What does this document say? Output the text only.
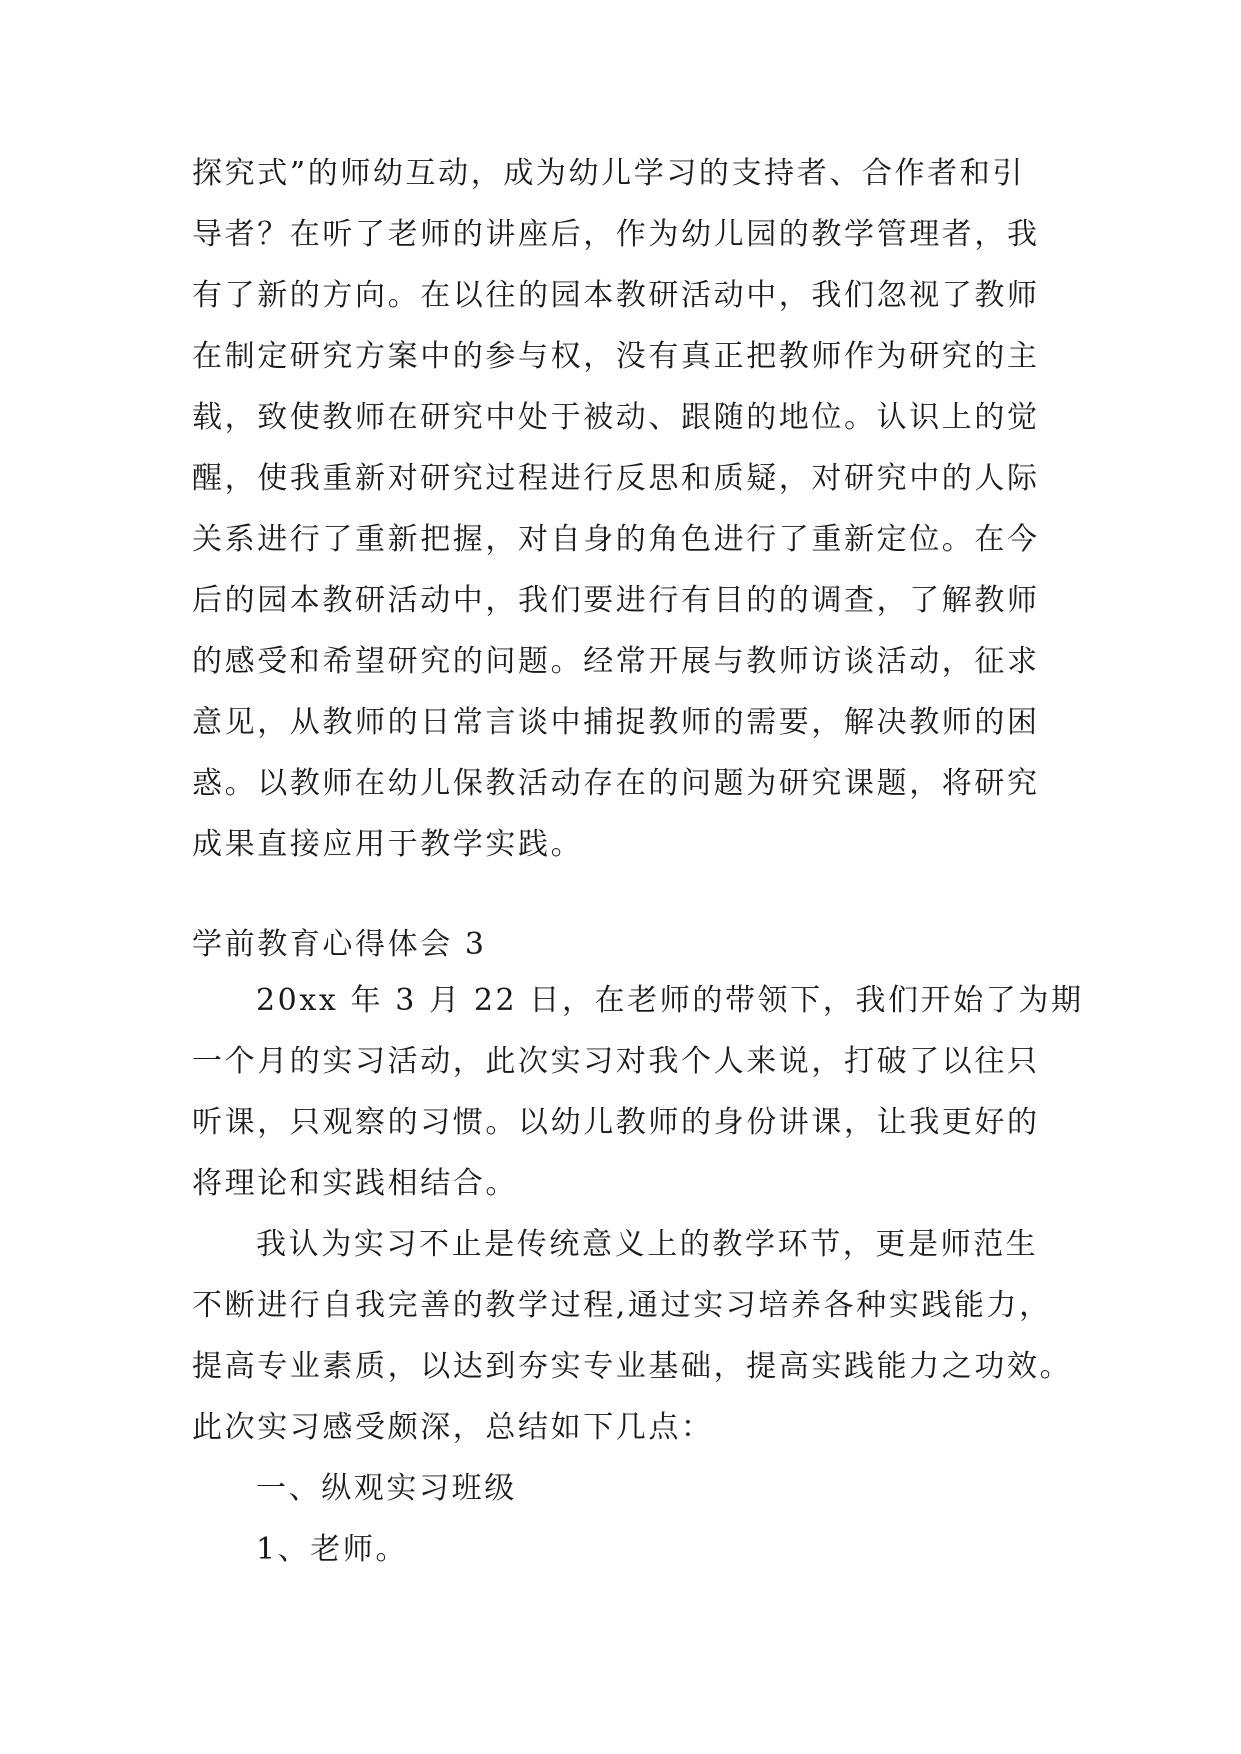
探究式”的师幼互动，成为幼儿学习的支持者、合作者和引
导者？在听了老师的讲座后，作为幼儿园的教学管理者，我
有了新的方向。在以往的园本教研活动中，我们忽视了教师
在制定研究方案中的参与权，没有真正把教师作为研究的主
载，致使教师在研究中处于被动、跟随的地位。认识上的觉
醒，使我重新对研究过程进行反思和质疑，对研究中的人际
关系进行了重新把握，对自身的角色进行了重新定位。在今
后的园本教研活动中，我们要进行有目的的调查，了解教师
的感受和希望研究的问题。经常开展与教师访谈活动，征求
意见，从教师的日常言谈中捕捉教师的需要，解决教师的困
惑。以教师在幼儿保教活动存在的问题为研究课题，将研究
成果直接应用于教学实践。
学前教育心得体会 3
20xx 年 3 月 22 日，在老师的带领下，我们开始了为期
一个月的实习活动，此次实习对我个人来说，打破了以往只
听课，只观察的习惯。以幼儿教师的身份讲课，让我更好的
将理论和实践相结合。
我认为实习不止是传统意义上的教学环节，更是师范生
不断进行自我完善的教学过程,通过实习培养各种实践能力，
提高专业素质，以达到夯实专业基础，提高实践能力之功效。
此次实习感受颇深，总结如下几点：
一、纵观实习班级
1、老师。
